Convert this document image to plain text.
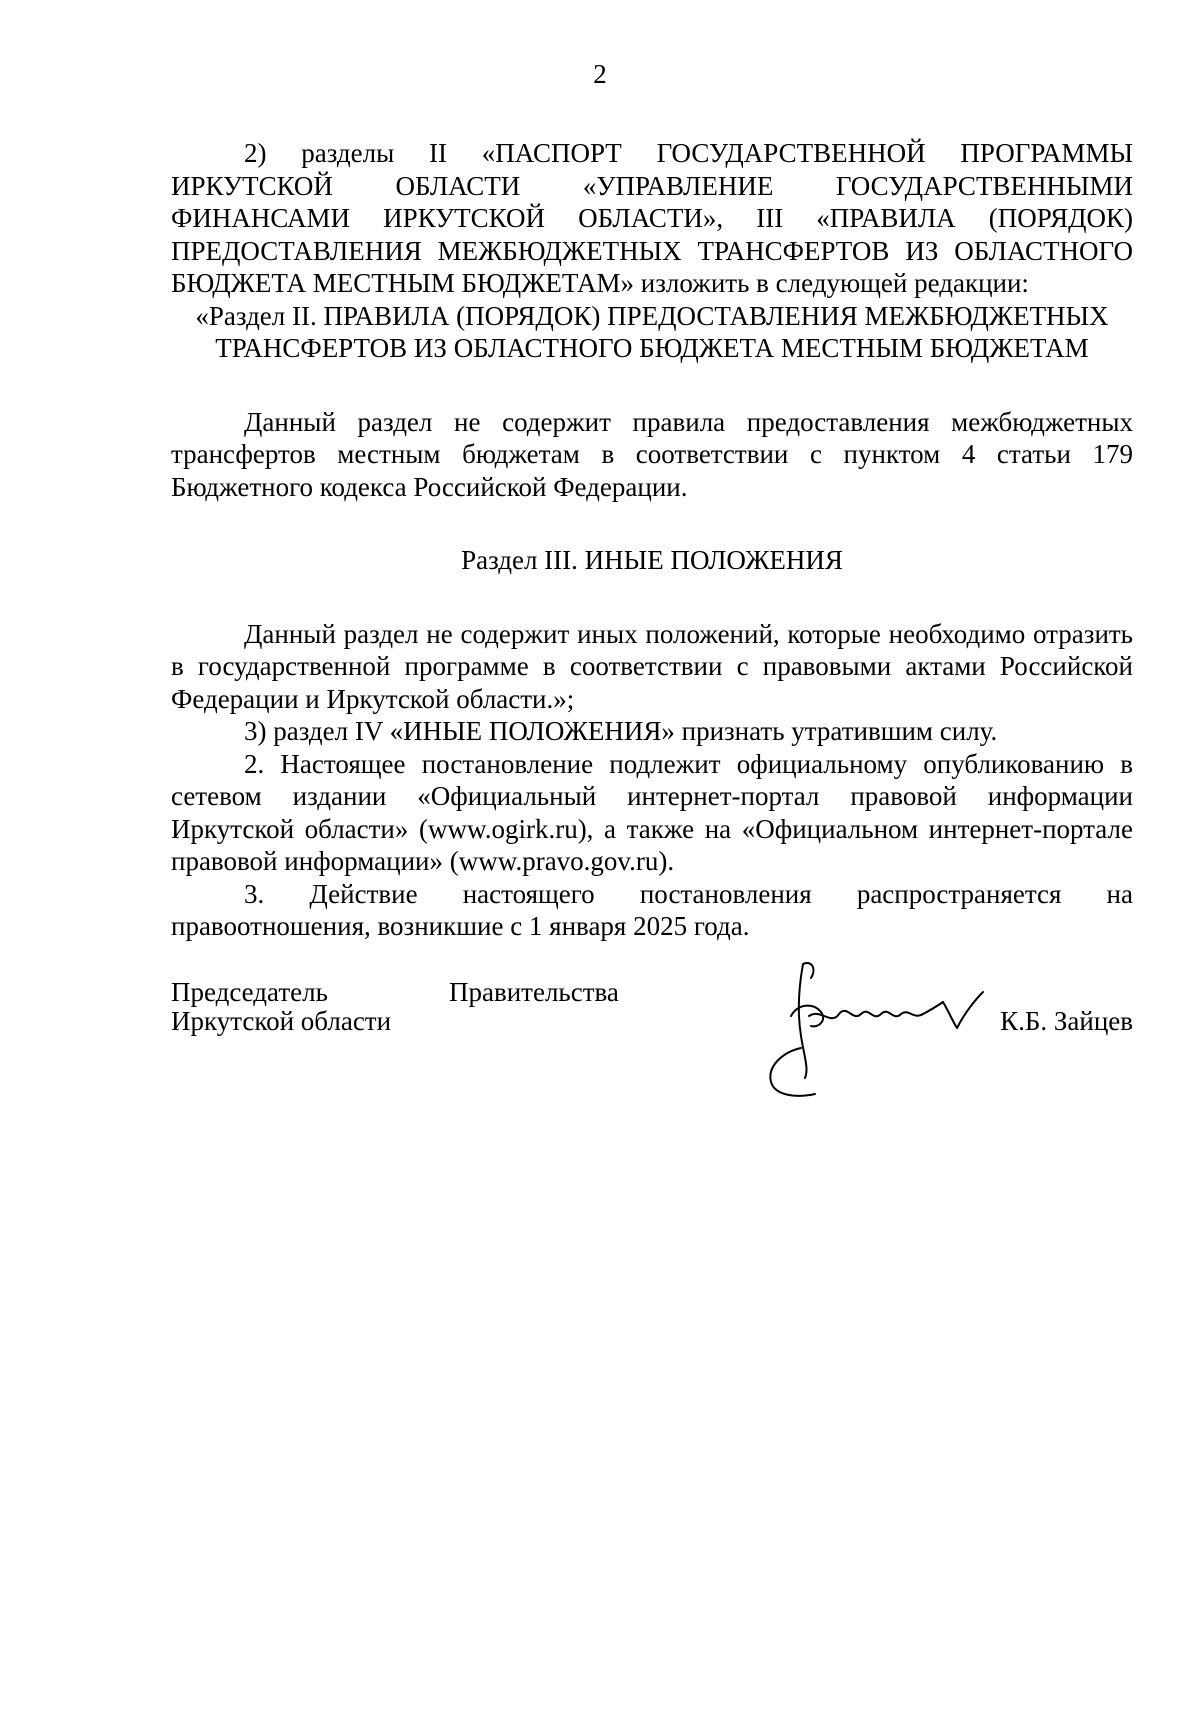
2

2) разделы II «ПАСПОРТ ГОСУДАРСТВЕННОЙ ПРОГРАММЫ ИРКУТСКОЙ ОБЛАСТИ «УПРАВЛЕНИЕ ГОСУДАРСТВЕННЫМИ ФИНАНСАМИ ИРКУТСКОЙ ОБЛАСТИ», III «ПРАВИЛА (ПОРЯДОК) ПРЕДОСТАВЛЕНИЯ МЕЖБЮДЖЕТНЫХ ТРАНСФЕРТОВ ИЗ ОБЛАСТНОГО БЮДЖЕТА МЕСТНЫМ БЮДЖЕТАМ» изложить в следующей редакции:

«Раздел II. ПРАВИЛА (ПОРЯДОК) ПРЕДОСТАВЛЕНИЯ МЕЖБЮДЖЕТНЫХ ТРАНСФЕРТОВ ИЗ ОБЛАСТНОГО БЮДЖЕТА МЕСТНЫМ БЮДЖЕТАМ

Данный раздел не содержит правила предоставления межбюджетных трансфертов местным бюджетам в соответствии с пунктом 4 статьи 179 Бюджетного кодекса Российской Федерации.

Раздел III. ИНЫЕ ПОЛОЖЕНИЯ

Данный раздел не содержит иных положений, которые необходимо отразить в государственной программе в соответствии с правовыми актами Российской Федерации и Иркутской области.»;

3) раздел IV «ИНЫЕ ПОЛОЖЕНИЯ» признать утратившим силу.

2. Настоящее постановление подлежит официальному опубликованию в сетевом издании «Официальный интернет-портал правовой информации Иркутской области» (www.ogirk.ru), а также на «Официальном интернет-портале правовой информации» (www.pravo.gov.ru).

3. Действие настоящего постановления распространяется на

правоотношения, возникшие с 1 января 2025 года.

Председатель	Правительства
Иркутской области	К.Б. Зайцев
